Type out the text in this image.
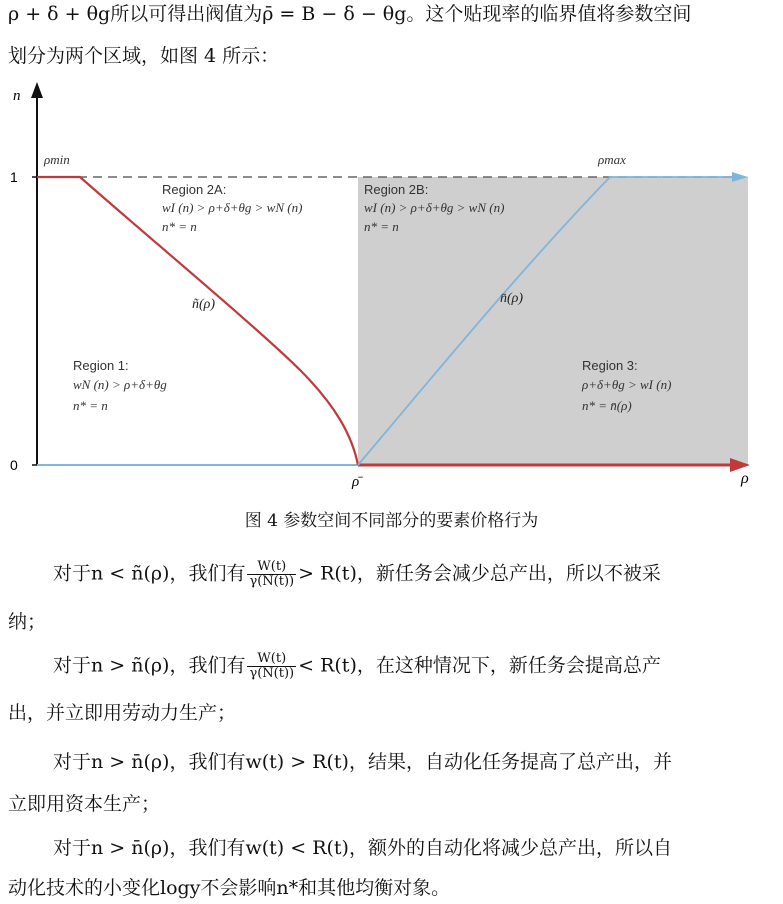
ρ + δ + θg所以可得出阀值为ρ̄ = B − δ − θg。这个贴现率的临界值将参数空间
划分为两个区域，如图 4 所示：
n
ρ
1
0
ρ̄
ρmin	ρmax
ñ(ρ)	n̄(ρ)
Region 2A:
wI (n) > ρ+δ+θg > wN (n)
n* = n
Region 2B:
wI (n) > ρ+δ+θg > wN (n)
n* = n
Region 1:
wN (n) > ρ+δ+θg
n* = n
Region 3:
ρ+δ+θg > wI (n)
n* = n̄(ρ)
图 4 参数空间不同部分的要素价格行为
对于n < ñ(ρ)，我们有 $\frac{W(t)}{\gamma(N(t))} > R(t)$，新任务会减少总产出，所以不被采
纳；
对于n > ñ(ρ)，我们有 $\frac{W(t)}{\gamma(N(t))} < R(t)$，在这种情况下，新任务会提高总产
出，并立即用劳动力生产；
对于n > n̄(ρ)，我们有w(t) > R(t)，结果，自动化任务提高了总产出，并
立即用资本生产；
对于n > n̄(ρ)，我们有w(t) < R(t)，额外的自动化将减少总产出，所以自
动化技术的小变化logy不会影响n*和其他均衡对象。
